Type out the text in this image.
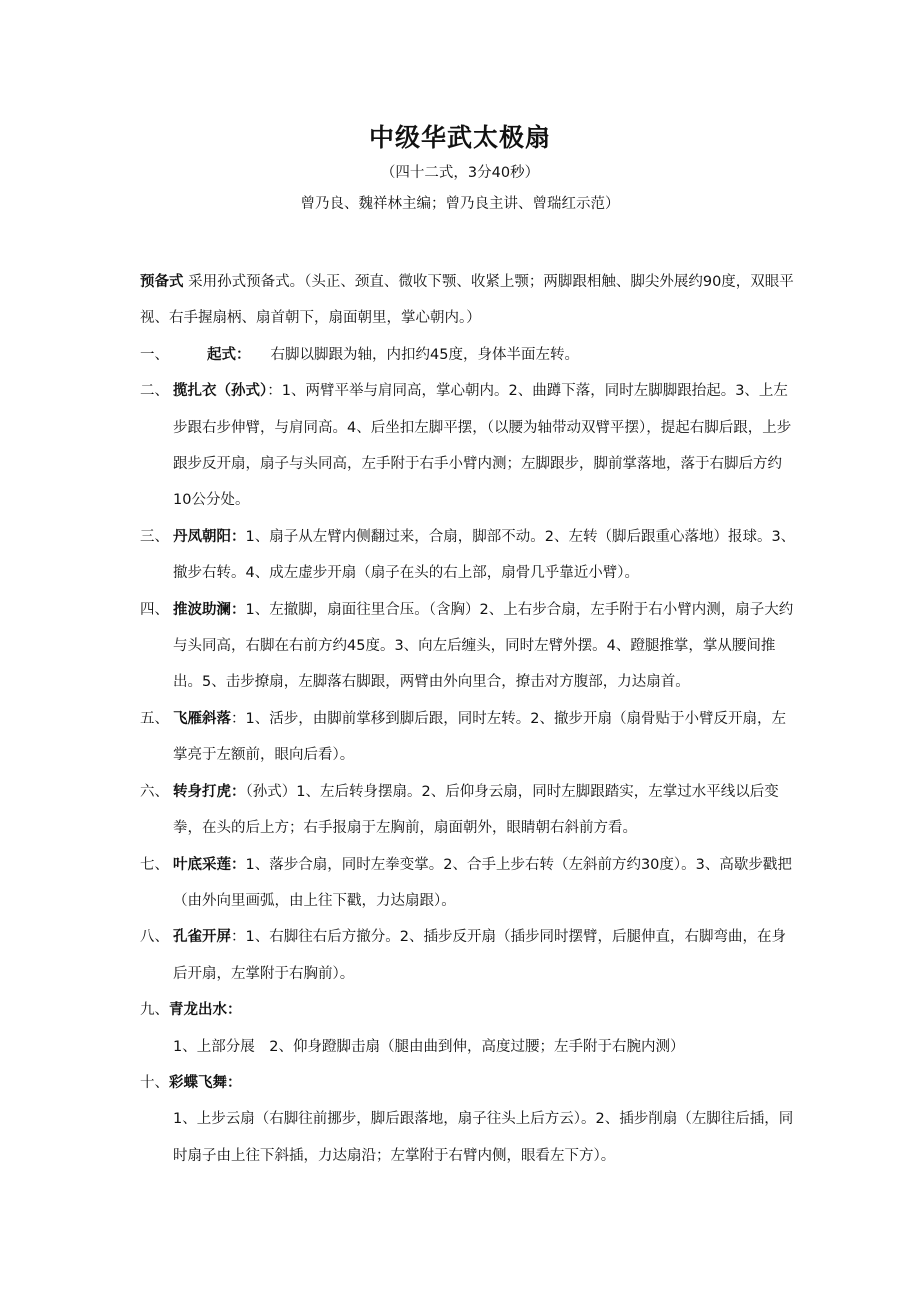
中级华武太极扇
（四十二式，3分40秒）
曾乃良、魏祥林主编；曾乃良主讲、曾瑞红示范）

预备式 采用孙式预备式。（头正、颈直、微收下颚、收紧上颚；两脚跟相触、脚尖外展约90度，双眼平视、右手握扇柄、扇首朝下，扇面朝里，掌心朝内。）

一、	起式： 右脚以脚跟为轴，内扣约45度，身体半面左转。

二、 揽扎衣（孙式）：1、两臂平举与肩同高，掌心朝内。2、曲蹲下落，同时左脚脚跟抬起。3、上左步跟右步伸臂，与肩同高。4、后坐扣左脚平摆，（以腰为轴带动双臂平摆），提起右脚后跟，上步跟步反开扇，扇子与头同高，左手附于右手小臂内测；左脚跟步，脚前掌落地，落于右脚后方约10公分处。

三、 丹凤朝阳：1、扇子从左臂内侧翻过来，合扇，脚部不动。2、左转（脚后跟重心落地）报球。3、撤步右转。4、成左虚步开扇（扇子在头的右上部，扇骨几乎靠近小臂）。

四、 推波助澜：1、左撤脚，扇面往里合压。（含胸）2、上右步合扇，左手附于右小臂内测，扇子大约与头同高，右脚在右前方约45度。3、向左后缠头，同时左臂外摆。4、蹬腿推掌，掌从腰间推出。5、击步撩扇，左脚落右脚跟，两臂由外向里合，撩击对方腹部，力达扇首。

五、 飞雁斜落：1、活步，由脚前掌移到脚后跟，同时左转。2、撤步开扇（扇骨贴于小臂反开扇，左掌亮于左额前，眼向后看）。

六、 转身打虎：（孙式）1、左后转身摆扇。2、后仰身云扇，同时左脚跟踏实，左掌过水平线以后变拳，在头的后上方；右手报扇于左胸前，扇面朝外，眼睛朝右斜前方看。

七、 叶底采莲：1、落步合扇，同时左拳变掌。2、合手上步右转（左斜前方约30度）。3、高歇步戳把（由外向里画弧，由上往下戳，力达扇跟）。

八、 孔雀开屏：1、右脚往右后方撤分。2、插步反开扇（插步同时摆臂，后腿伸直，右脚弯曲，在身后开扇，左掌附于右胸前）。

九、青龙出水：

1、上部分展　2、仰身蹬脚击扇（腿由曲到伸，高度过腰；左手附于右腕内测）

十、彩蝶飞舞：

1、上步云扇（右脚往前挪步，脚后跟落地，扇子往头上后方云）。2、插步削扇（左脚往后插，同时扇子由上往下斜插，力达扇沿；左掌附于右臂内侧，眼看左下方）。
